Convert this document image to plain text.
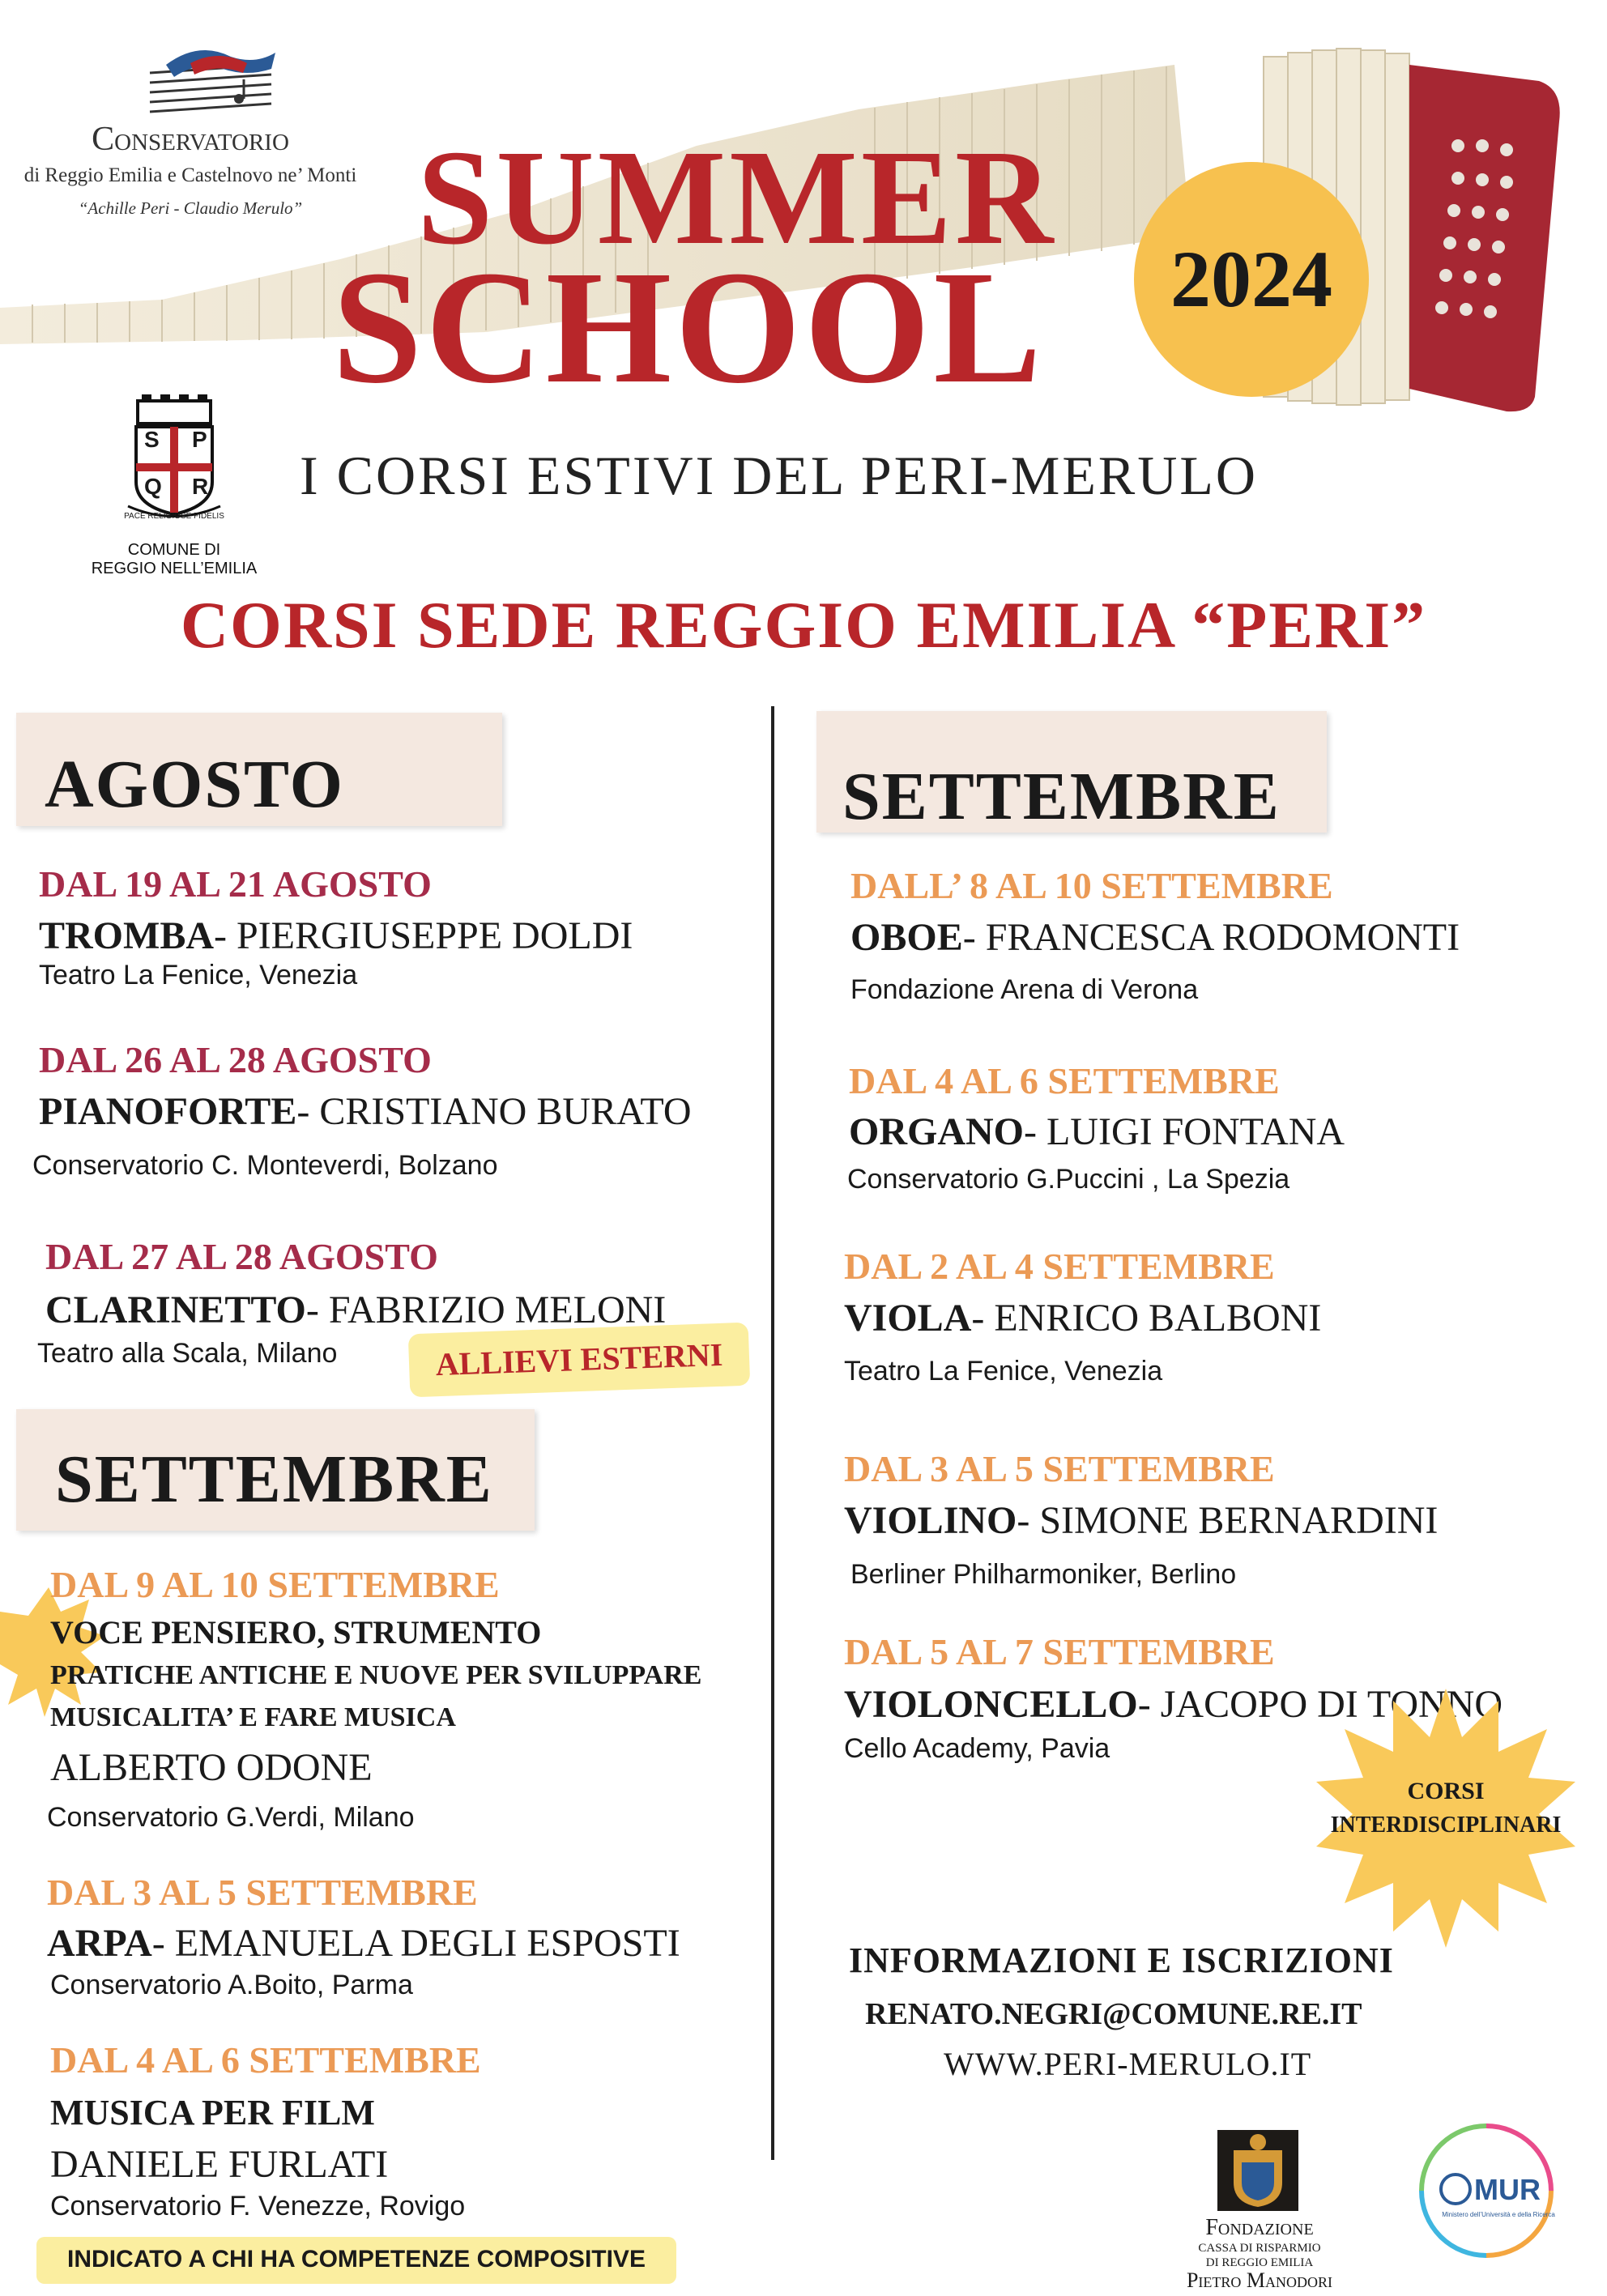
Conservatorio
di Reggio Emilia e Castelnovo ne’ Monti
“Achille Peri - Claudio Merulo” SUMMER
SCHOOL	2024
S P
Q R
PACE RELIGIOSE FIDELIS
COMUNE DI
REGGIO NELL’EMILIA
I CORSI ESTIVI DEL PERI-MERULO
CORSI SEDE REGGIO EMILIA “PERI”
AGOSTO
DAL 19 AL 21 AGOSTO
TROMBA- PIERGIUSEPPE DOLDI
Teatro La Fenice, Venezia
DAL 26 AL 28 AGOSTO
PIANOFORTE- CRISTIANO BURATO
Conservatorio C. Monteverdi, Bolzano
DAL 27 AL 28 AGOSTO
CLARINETTO- FABRIZIO MELONI
Teatro alla Scala, Milano	ALLIEVI ESTERNI
SETTEMBRE
DAL 9 AL 10 SETTEMBRE
VOCE PENSIERO, STRUMENTO
PRATICHE ANTICHE E NUOVE PER SVILUPPARE
MUSICALITA’ E FARE MUSICA
ALBERTO ODONE
Conservatorio G.Verdi, Milano
DAL 3 AL 5 SETTEMBRE
ARPA- EMANUELA DEGLI ESPOSTI
Conservatorio A.Boito, Parma
DAL 4 AL 6 SETTEMBRE
MUSICA PER FILM
DANIELE FURLATI
Conservatorio F. Venezze, Rovigo
INDICATO A CHI HA COMPETENZE COMPOSITIVE
SETTEMBRE
DALL’ 8 AL 10 SETTEMBRE
OBOE- FRANCESCA RODOMONTI
Fondazione Arena di Verona
DAL 4 AL 6 SETTEMBRE
ORGANO- LUIGI FONTANA
Conservatorio G.Puccini , La Spezia
DAL 2 AL 4 SETTEMBRE
VIOLA- ENRICO BALBONI
Teatro La Fenice, Venezia
DAL 3 AL 5 SETTEMBRE
VIOLINO- SIMONE BERNARDINI
Berliner Philharmoniker, Berlino
DAL 5 AL 7 SETTEMBRE
VIOLONCELLO- JACOPO DI TONNO
Cello Academy, Pavia
CORSI
INTERDISCIPLINARI
INFORMAZIONI E ISCRIZIONI
RENATO.NEGRI@COMUNE.RE.IT
WWW.PERI-MERULO.IT
Fondazione
CASSA DI RISPARMIO
DI REGGIO EMILIA
Pietro Manodori
MUR
Ministero dell’Università e della Ricerca
